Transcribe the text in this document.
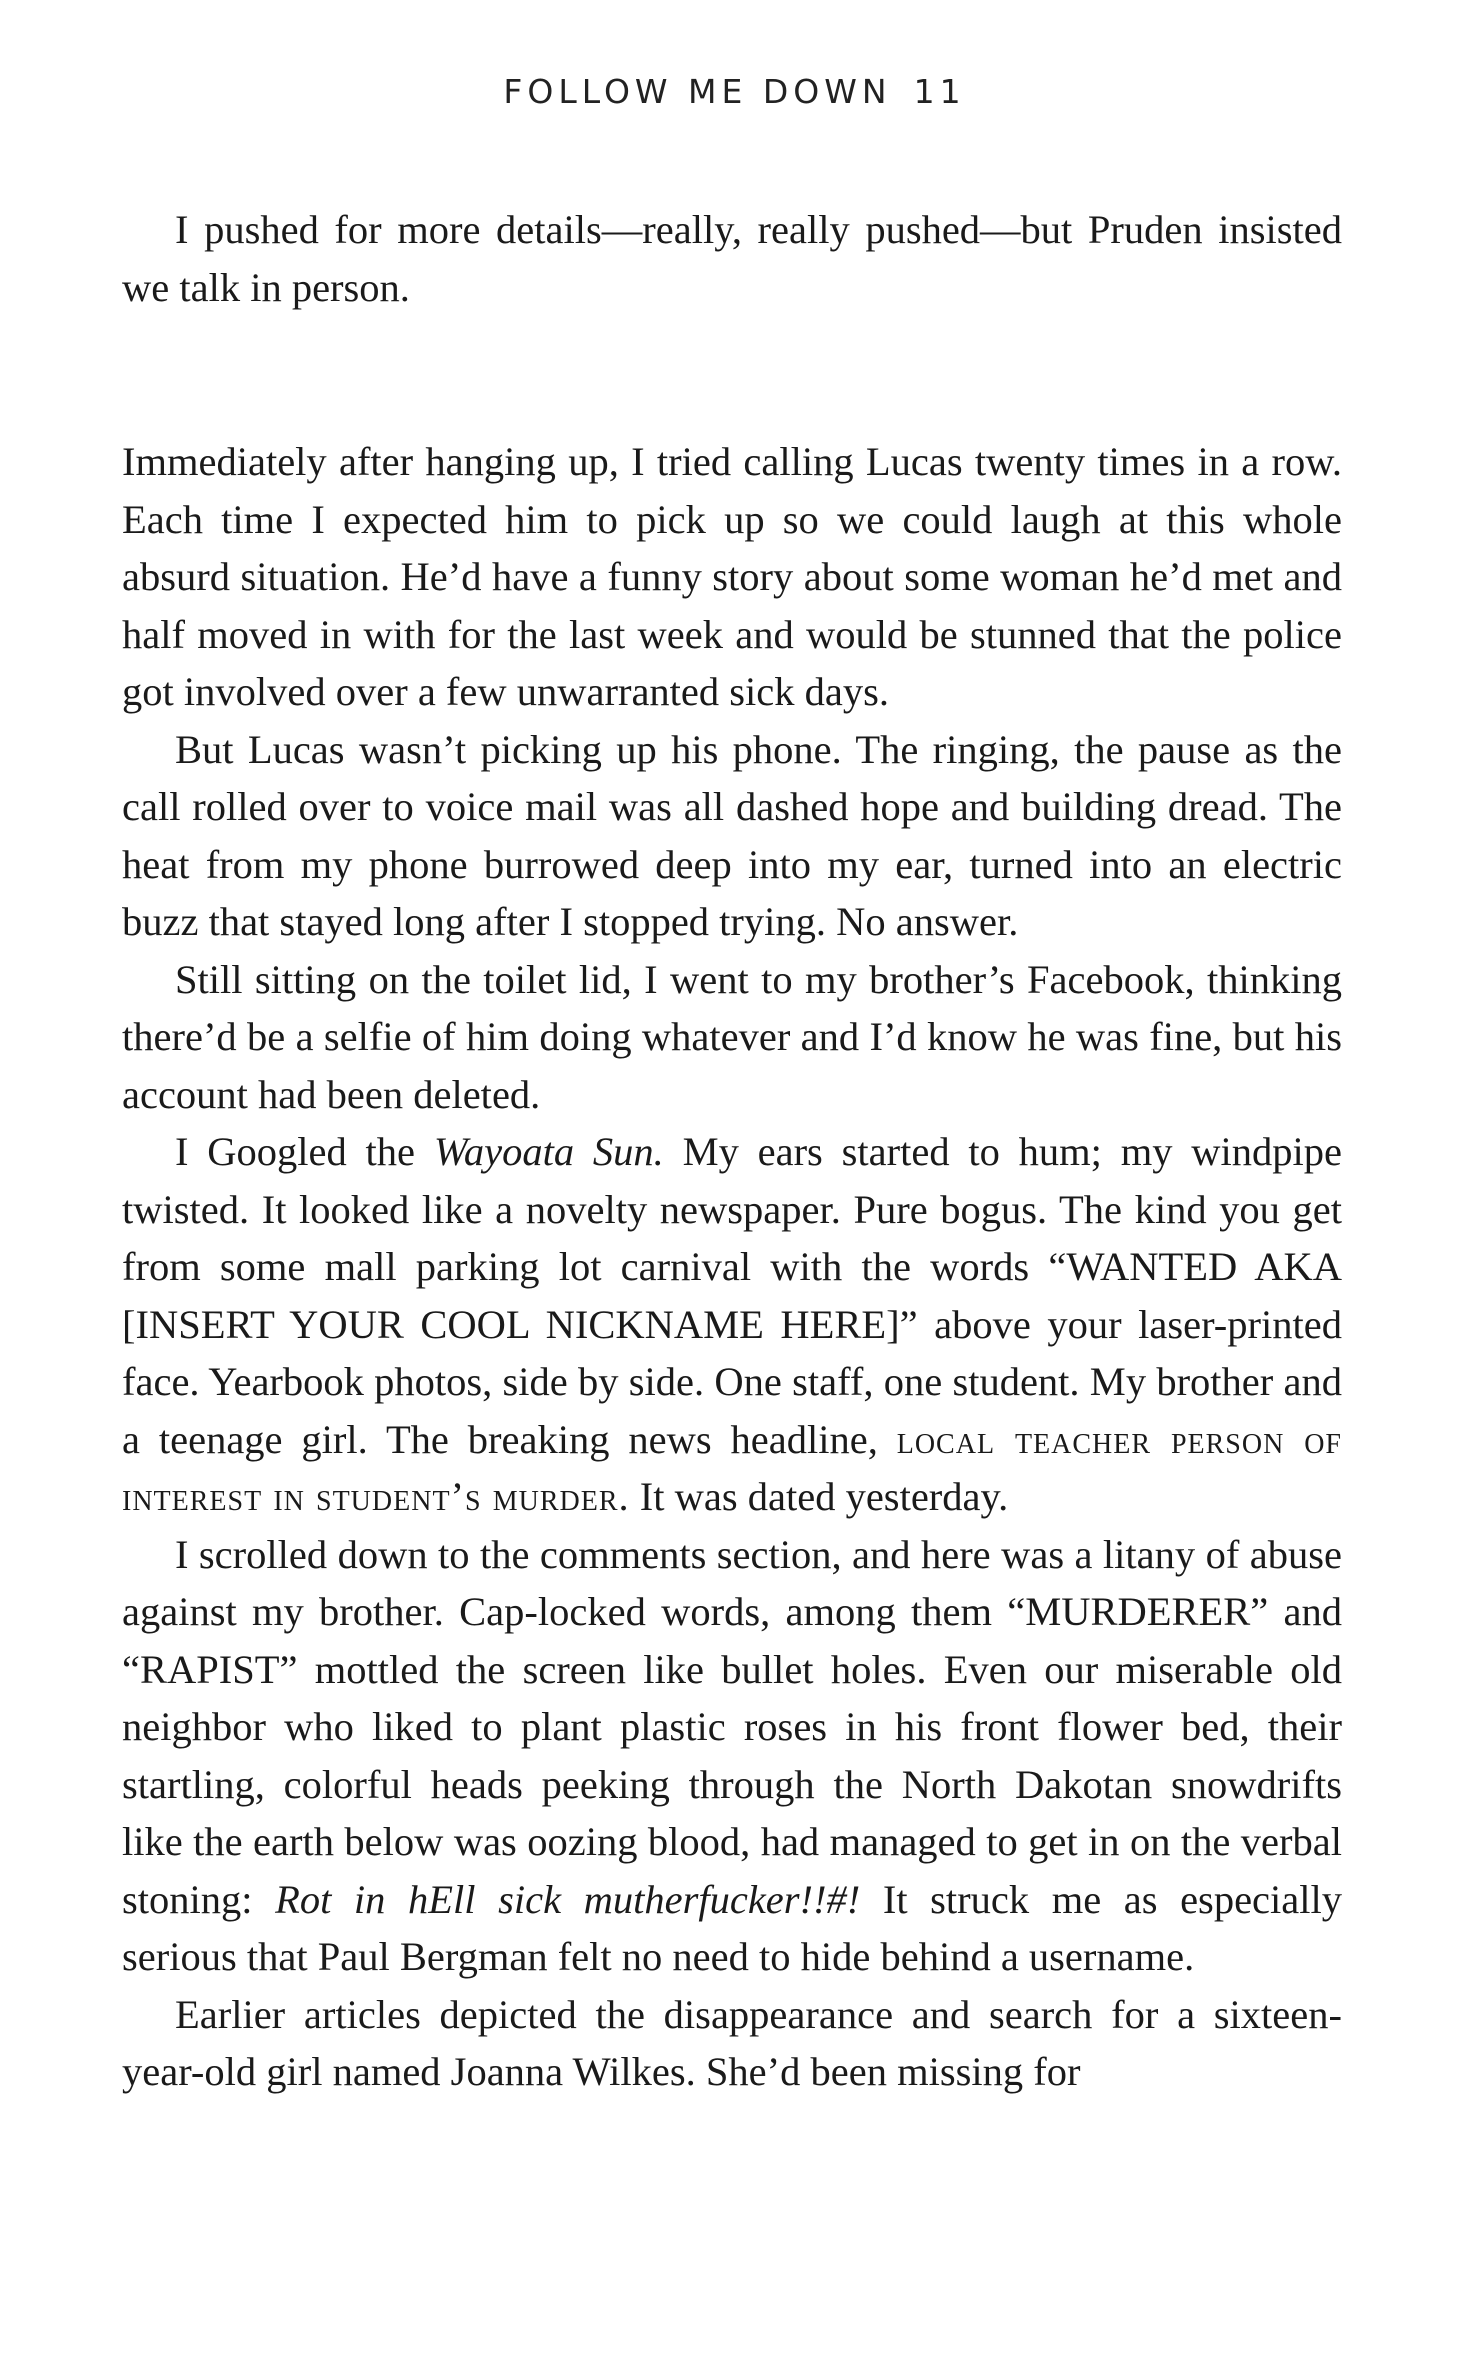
FOLLOW ME DOWN 11

I pushed for more details—really, really pushed—but Pruden insisted we talk in person.

Immediately after hanging up, I tried calling Lucas twenty times in a row. Each time I expected him to pick up so we could laugh at this whole absurd situation. He’d have a funny story about some woman he’d met and half moved in with for the last week and would be stunned that the police got involved over a few unwarranted sick days.

But Lucas wasn’t picking up his phone. The ringing, the pause as the call rolled over to voice mail was all dashed hope and building dread. The heat from my phone burrowed deep into my ear, turned into an electric buzz that stayed long after I stopped trying. No answer.

Still sitting on the toilet lid, I went to my brother’s Facebook, thinking there’d be a selfie of him doing whatever and I’d know he was fine, but his account had been deleted.

I Googled the Wayoata Sun. My ears started to hum; my windpipe twisted. It looked like a novelty newspaper. Pure bogus. The kind you get from some mall parking lot carnival with the words “WANTED AKA [INSERT YOUR COOL NICKNAME HERE]” above your laser-printed face. Yearbook photos, side by side. One staff, one student. My brother and a teenage girl. The breaking news headline, local teacher person of interest in student’s murder. It was dated yesterday.

I scrolled down to the comments section, and here was a litany of abuse against my brother. Cap-locked words, among them “MURDERER” and “RAPIST” mottled the screen like bullet holes. Even our miserable old neighbor who liked to plant plastic roses in his front flower bed, their startling, colorful heads peeking through the North Dakotan snowdrifts like the earth below was oozing blood, had managed to get in on the verbal stoning: Rot in hEll sick mutherfucker!!#! It struck me as especially serious that Paul Bergman felt no need to hide behind a username.

Earlier articles depicted the disappearance and search for a sixteen-year-old girl named Joanna Wilkes. She’d been missing for
